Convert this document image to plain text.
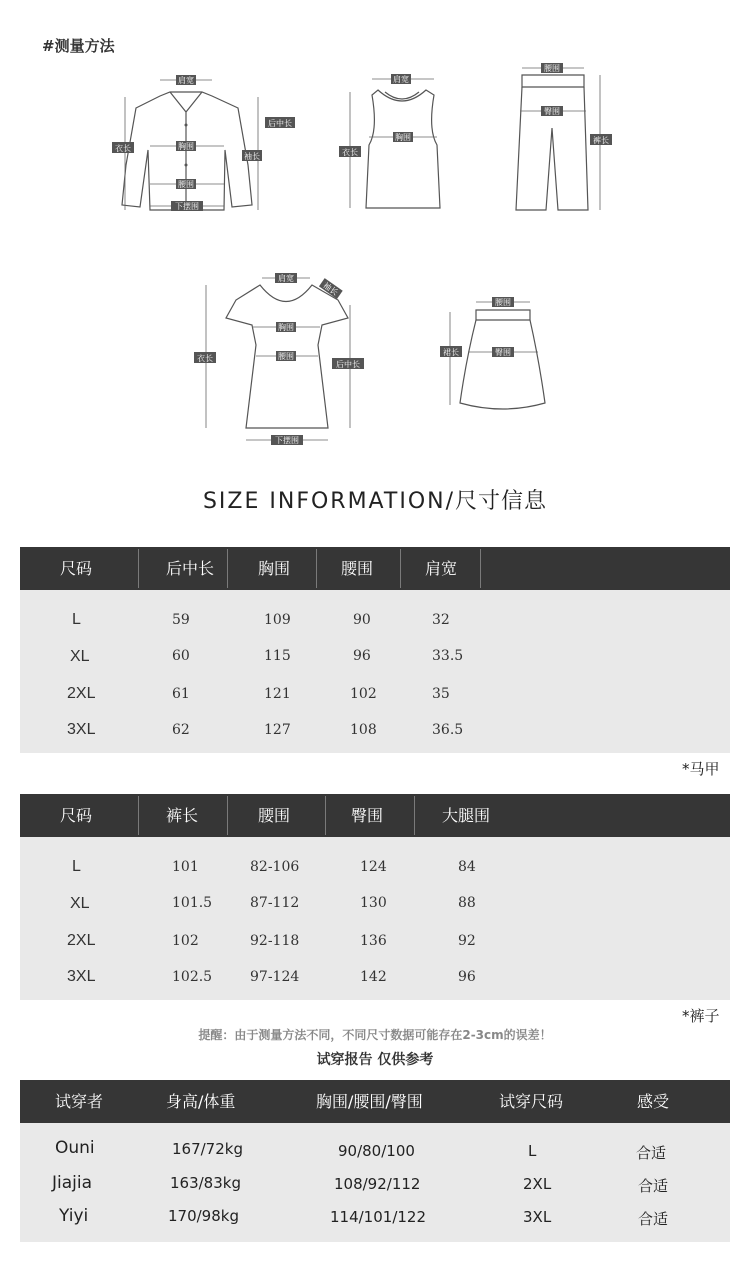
#测量方法
肩宽
后中长
衣长	胸围
袖长
腰围
下摆围
肩宽
衣长
胸围
腰围
臀围
裤长
肩宽
袖长
胸围
衣长	腰围
后中长
下摆围
腰围
裙长	臀围
SIZE INFORMATION/尺寸信息
尺码	后中长	胸围	腰围	肩宽
L	59	109	90	32
XL	60	115	96	33.5
2XL	61	121	102	35
3XL	62	127	108	36.5
*马甲
尺码	裤长	腰围	臀围	大腿围
L	101	82-106	124	84
XL	101.5	87-112	130	88
2XL	102	92-118	136	92
3XL	102.5	97-124	142	96
*裤子
提醒：由于测量方法不同，不同尺寸数据可能存在2-3cm的误差！
试穿报告 仅供参考
试穿者	身高/体重	胸围/腰围/臀围	试穿尺码	感受
Ouni	167/72kg	90/80/100	L	合适
Jiajia	163/83kg	108/92/112	2XL	合适
Yiyi	170/98kg	114/101/122	3XL	合适
